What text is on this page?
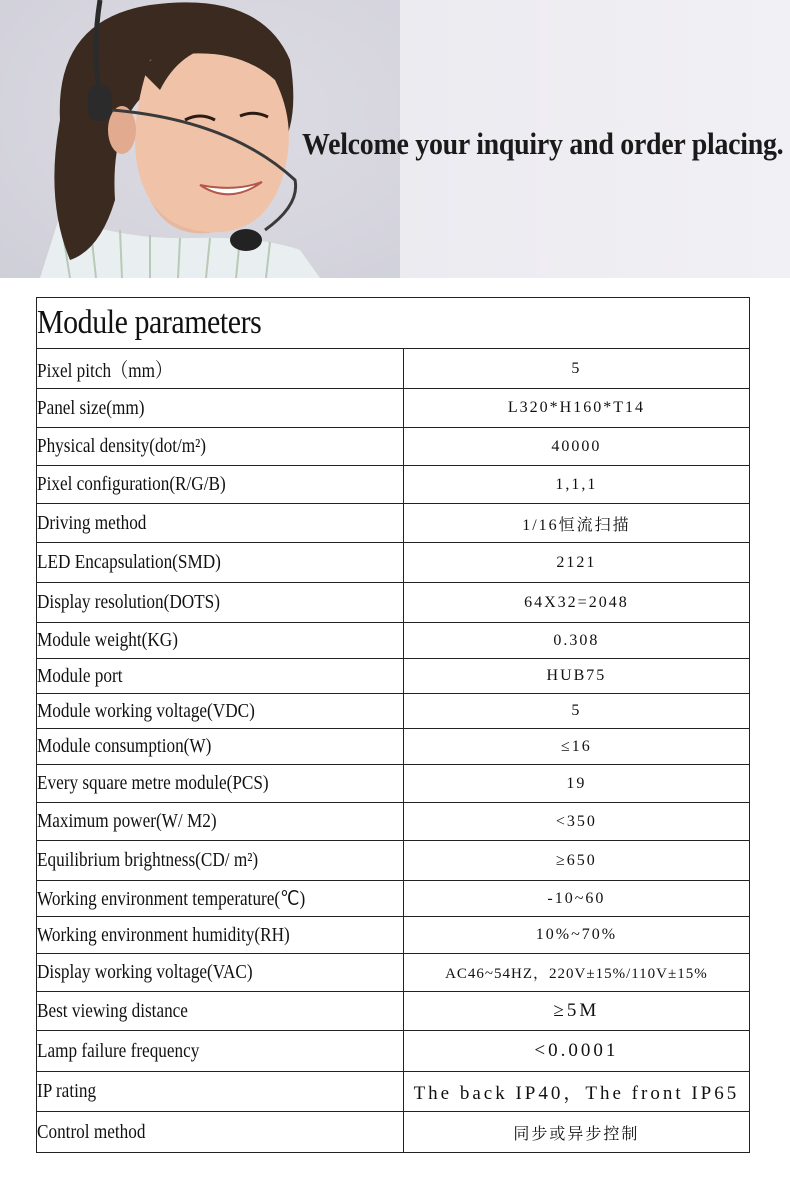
Welcome your inquiry and order placing.
Module parameters	
Pixel pitch（mm）	5
Panel size(mm)	L320*H160*T14
Physical density(dot/m²)	40000
Pixel configuration(R/G/B)	1,1,1
Driving method	1/16恒流扫描
LED Encapsulation(SMD)	2121
Display resolution(DOTS)	64X32=2048
Module weight(KG)	0.308
Module port	HUB75
Module working voltage(VDC)	5
Module consumption(W)	≤16
Every square metre module(PCS)	19
Maximum power(W/ M2)	<350
Equilibrium brightness(CD/ m²)	≥650
Working environment temperature(℃)	-10~60
Working environment humidity(RH)	10%~70%
Display working voltage(VAC)	AC46~54HZ，220V±15%/110V±15%
Best viewing distance	≥5M
Lamp failure frequency	<0.0001
IP rating	The back IP40，The front IP65
Control method	同步或异步控制
